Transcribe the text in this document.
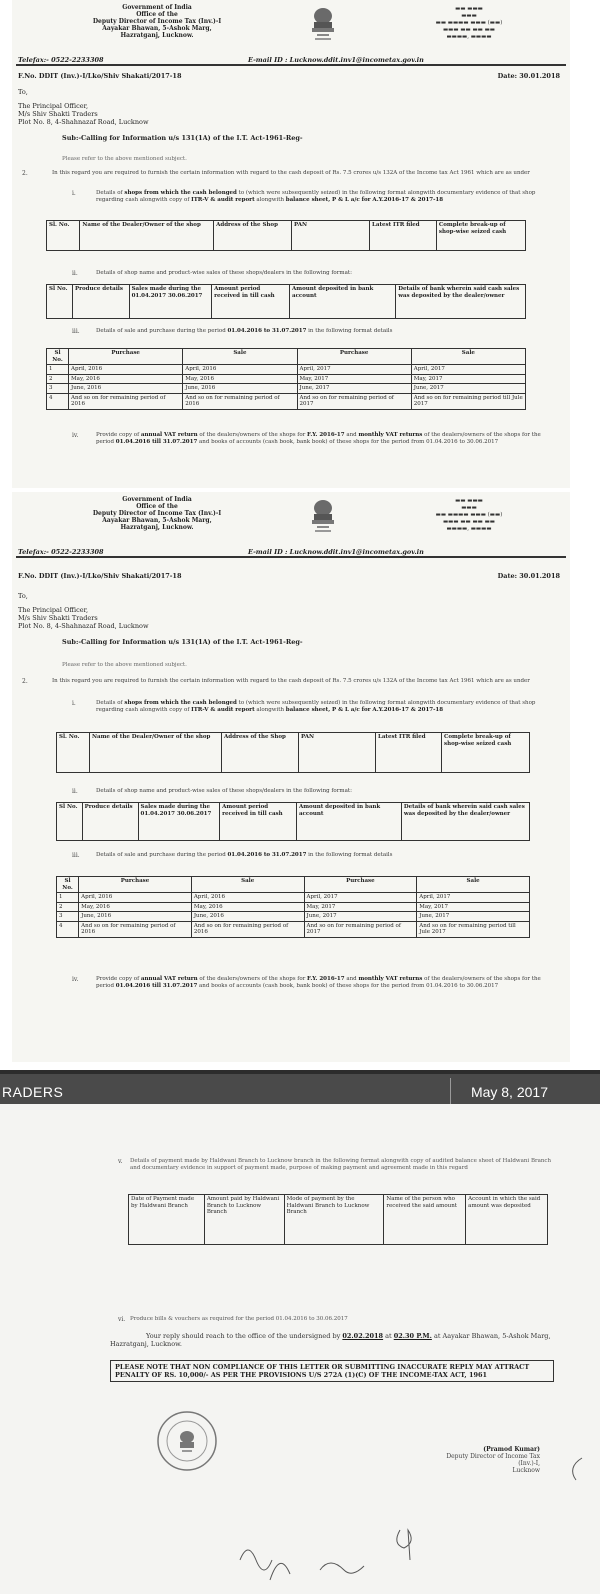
Government of India
Office of the
Deputy Director of Income Tax (Inv.)-I
Aayakar Bhawan, 5-Ashok Marg,
Hazratganj, Lucknow.
▬▬ ▬▬▬
▬▬▬
▬▬ ▬▬▬▬ ▬▬▬ (▬▬)
▬▬▬ ▬▬ ▬▬ ▬▬
▬▬▬▬, ▬▬▬▬
Telefax:- 0522-2233308	E-mail ID : Lucknow.ddit.inv1@incometax.gov.in
F.No. DDIT (Inv.)-I/Lko/Shiv Shakati/2017-18	Date: 30.01.2018
To,
The Principal Officer,
M/s Shiv Shakti Traders
Plot No. 8, 4-Shahnazaf Road, Lucknow
Sub:-Calling for Information u/s 131(1A) of the I.T. Act-1961-Reg-
Please refer to the above mentioned subject.
2.	In this regard you are required to furnish the certain information with regard to the cash deposit of Rs. 7.5 crores u/s 132A of the Income tax Act 1961 which are as under
i.	Details of shops from which the cash belonged to (which were subsequently seized) in the following format alongwith documentary evidence of that shop regarding cash alongwith copy of ITR-V & audit report alongwith balance sheet, P & L a/c for A.Y.2016-17 & 2017-18
Sl. No.	Name of the Dealer/Owner of the shop	Address of the Shop	PAN	Latest ITR filed	Complete break-up of shop-wise seized cash
ii.	Details of shop name and product-wise sales of these shops/dealers in the following format:
Sl No.	Produce details	Sales made during the 01.04.2017 30.06.2017	Amount period received in till cash	Amount deposited in bank account	Details of bank wherein said cash sales was deposited by the dealer/owner
iii.	Details of sale and purchase during the period 01.04.2016 to 31.07.2017 in the following format details
Sl No.	Purchase	Sale	Purchase	Sale
1	April, 2016	April, 2016	April, 2017	April, 2017
2	May, 2016	May, 2016	May, 2017	May, 2017
3	June, 2016	June, 2016	June, 2017	June, 2017
4	And so on for remaining period of 2016	And so on for remaining period of 2016	And so on for remaining period of 2017	And so on for remaining period till Jule 2017
iv.	Provide copy of annual VAT return of the dealers/owners of the shops for F.Y. 2016-17 and monthly VAT returns of the dealers/owners of the shops for the period 01.04.2016 till 31.07.2017 and books of accounts (cash book, bank book) of these shops for the period from 01.04.2016 to 30.06.2017
Government of India
Office of the
Deputy Director of Income Tax (Inv.)-I
Aayakar Bhawan, 5-Ashok Marg,
Hazratganj, Lucknow.
▬▬ ▬▬▬
▬▬▬
▬▬ ▬▬▬▬ ▬▬▬ (▬▬)
▬▬▬ ▬▬ ▬▬ ▬▬
▬▬▬▬, ▬▬▬▬
Telefax:- 0522-2233308	E-mail ID : Lucknow.ddit.inv1@incometax.gov.in
F.No. DDIT (Inv.)-I/Lko/Shiv Shakati/2017-18	Date: 30.01.2018
To,
The Principal Officer,
M/s Shiv Shakti Traders
Plot No. 8, 4-Shahnazaf Road, Lucknow
Sub:-Calling for Information u/s 131(1A) of the I.T. Act-1961-Reg-
Please refer to the above mentioned subject.
2.	In this regard you are required to furnish the certain information with regard to the cash deposit of Rs. 7.5 crores u/s 132A of the Income tax Act 1961 which are as under
i.	Details of shops from which the cash belonged to (which were subsequently seized) in the following format alongwith documentary evidence of that shop regarding cash alongwith copy of ITR-V & audit report alongwith balance sheet, P & L a/c for A.Y.2016-17 & 2017-18
Sl. No.	Name of the Dealer/Owner of the shop	Address of the Shop	PAN	Latest ITR filed	Complete break-up of shop-wise seized cash
ii.	Details of shop name and product-wise sales of these shops/dealers in the following format:
Sl No.	Produce details	Sales made during the 01.04.2017 30.06.2017	Amount period received in till cash	Amount deposited in bank account	Details of bank wherein said cash sales was deposited by the dealer/owner
iii.	Details of sale and purchase during the period 01.04.2016 to 31.07.2017 in the following format details
Sl No.	Purchase	Sale	Purchase	Sale
1	April, 2016	April, 2016	April, 2017	April, 2017
2	May, 2016	May, 2016	May, 2017	May, 2017
3	June, 2016	June, 2016	June, 2017	June, 2017
4	And so on for remaining period of 2016	And so on for remaining period of 2016	And so on for remaining period of 2017	And so on for remaining period till Jule 2017
iv.	Provide copy of annual VAT return of the dealers/owners of the shops for F.Y. 2016-17 and monthly VAT returns of the dealers/owners of the shops for the period 01.04.2016 till 31.07.2017 and books of accounts (cash book, bank book) of these shops for the period from 01.04.2016 to 30.06.2017
RADERS	May 8, 2017
v. Details of payment made by Haldwani Branch to Lucknow branch in the following format alongwith copy of audited balance sheet of Haldwani Branch and documentary evidence in support of payment made, purpose of making payment and agreement made in this regard
Date of Payment made by Haldwani Branch	Amount paid by Haldwani Branch to Lucknow Branch	Mode of payment by the Haldwani Branch to Lucknow Branch	Name of the person who received the said amount	Account in which the said amount was deposited
vi. Produce bills & vouchers as required for the period 01.04.2016 to 30.06.2017
Your reply should reach to the office of the undersigned by 02.02.2018 at 02.30 P.M. at Aayakar Bhawan, 5-Ashok Marg, Hazratganj, Lucknow.
PLEASE NOTE THAT NON COMPLIANCE OF THIS LETTER OR SUBMITTING INACCURATE REPLY MAY ATTRACT PENALTY OF RS. 10,000/- AS PER THE PROVISIONS U/S 272A (1)(C) OF THE INCOME-TAX ACT, 1961
(Pramod Kumar)
Deputy Director of Income Tax (Inv.)-I,
Lucknow
